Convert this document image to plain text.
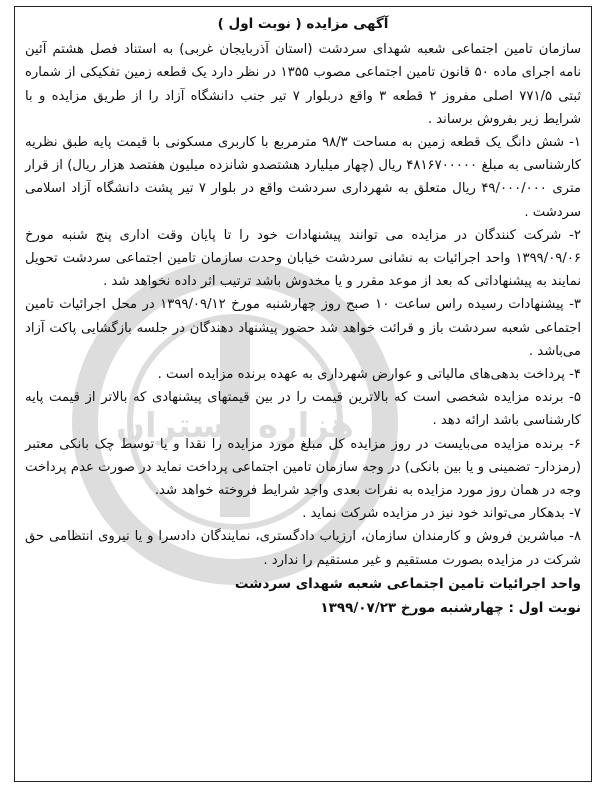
هزاره گستران
آگهی مزایده ( نوبت اول )

سازمان تامین اجتماعی شعبه شهدای سردشت (استان آذربایجان غربی) به استناد فصل هشتم آئین نامه اجرای ماده ۵۰ قانون تامین اجتماعی مصوب ۱۳۵۵ در نظر دارد یک قطعه زمین تفکیکی از شماره ثبتی ۷۷۱/۵ اصلی مفروز ۲ قطعه ۳ واقع دربلوار ۷ تیر جنب دانشگاه آزاد را از طریق مزایده و با شرایط زیر بفروش برساند .

۱- شش دانگ یک قطعه زمین به مساحت ۹۸/۳ مترمربع با کاربری مسکونی با قیمت پایه طبق نظریه کارشناسی به مبلغ ۴۸۱۶۷۰۰۰۰۰ ریال (چهار میلیارد هشتصدو شانزده میلیون هفتصد هزار ریال) از قرار متری ۴۹/۰۰۰/۰۰۰ ریال متعلق به شهرداری سردشت واقع در بلوار ۷ تیر پشت دانشگاه آزاد اسلامی سردشت .

۲- شرکت کنندگان در مزایده می توانند پیشنهادات خود را تا پایان وقت اداری پنج شنبه مورخ ۱۳۹۹/۰۹/۰۶ واحد اجرائیات به نشانی سردشت خیابان وحدت سازمان تامین اجتماعی سردشت تحویل نمایند به پیشنهاداتی که بعد از موعد مقرر و یا مخدوش باشد ترتیب اثر داده نخواهد شد .

۳- پیشنهادات رسیده راس ساعت ۱۰ صبح روز چهارشنبه مورخ ۱۳۹۹/۰۹/۱۲ در محل اجرائیات تامین اجتماعی شعبه سردشت باز و قرائت خواهد شد حضور پیشنهاد دهندگان در جلسه بازگشایی پاکت آزاد می‌باشد .

۴- پرداخت بدهی‌های مالیاتی و عوارض شهرداری به عهده برنده مزایده است .

۵- برنده مزایده شخصی است که بالاترین قیمت را در بین قیمتهای پیشنهادی که بالاتر از قیمت پایه کارشناسی باشد ارائه دهد .

۶- برنده مزایده می‌بایست در روز مزایده کل مبلغ مورد مزایده را نقدا و یا توسط چک بانکی معتبر (رمزدار- تضمینی و یا بین بانکی) در وجه سازمان تامین اجتماعی پرداخت نماید در صورت عدم پرداخت وجه در همان روز مورد مزایده به نفرات بعدی واجد شرایط فروخته خواهد شد.

۷- بدهکار می‌تواند خود نیز در مزایده شرکت نماید .

۸- مباشرین فروش و کارمندان سازمان، ارزیاب دادگستری، نمایندگان دادسرا و یا نیروی انتظامی حق شرکت در مزایده بصورت مستقیم و غیر مستقیم را ندارد .

واحد اجرائیات تامین اجتماعی شعبه شهدای سردشت
نوبت اول : چهارشنبه مورخ ۱۳۹۹/۰۷/۲۳
